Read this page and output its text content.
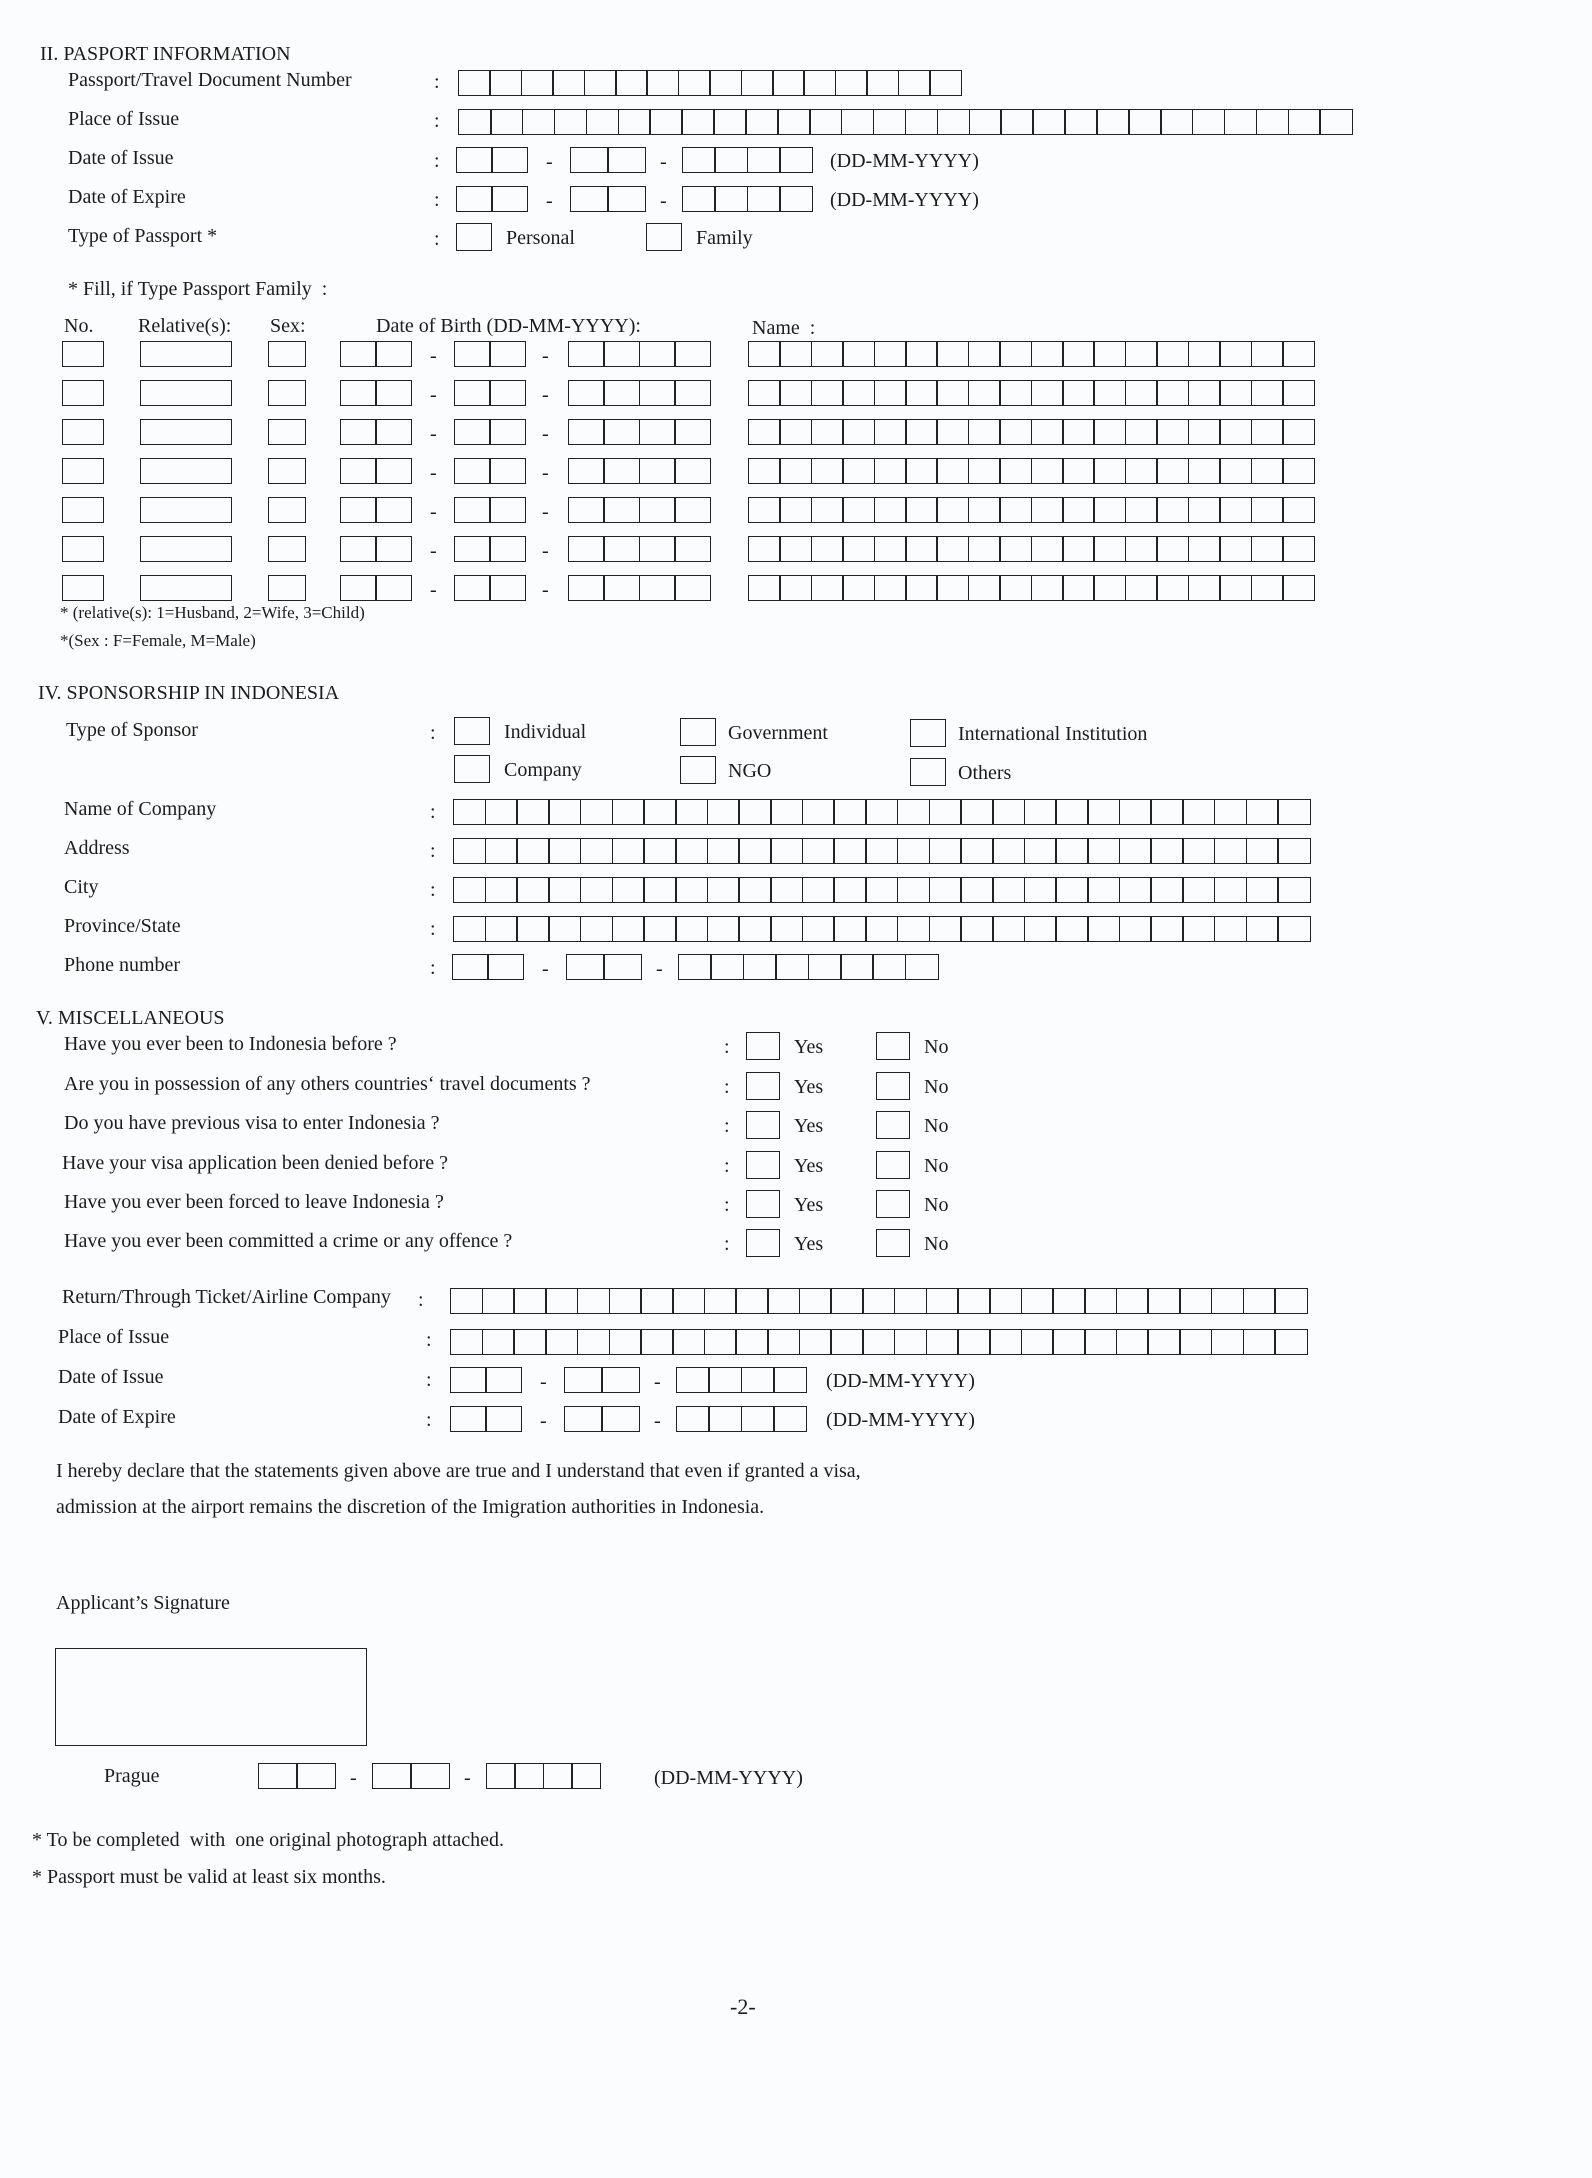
II. PASPORT INFORMATION
Passport/Travel Document Number	:
Place of Issue	:
Date of Issue	:	-	-	(DD-MM-YYYY)
Date of Expire	:	-	-	(DD-MM-YYYY)
Type of Passport *	:	Personal	Family
* Fill, if Type Passport Family  :
No. Relative(s): Sex:	Date of Birth (DD-MM-YYYY):	Name  :
-	-
-	-
-	-
-	-
-	-
-	-
-	-
* (relative(s): 1=Husband, 2=Wife, 3=Child)
*(Sex : F=Female, M=Male)
IV. SPONSORSHIP IN INDONESIA
Type of Sponsor	:	Individual	Government	International Institution
Company	NGO	Others
Name of Company	:
Address	:
City	:
Province/State	:
Phone number	:	-	-
V. MISCELLANEOUS
Have you ever been to Indonesia before ?	:	Yes	No
Are you in possession of any others countries‘ travel documents ?	:	Yes	No
Do you have previous visa to enter Indonesia ?	:	Yes	No
Have your visa application been denied before ?	:	Yes	No
Have you ever been forced to leave Indonesia ?	:	Yes	No
Have you ever been committed a crime or any offence ?	:	Yes	No
Return/Through Ticket/Airline Company :
Place of Issue	:
Date of Issue	:	-	-	(DD-MM-YYYY)
Date of Expire	:	-	-	(DD-MM-YYYY)
I hereby declare that the statements given above are true and I understand that even if granted a visa,
admission at the airport remains the discretion of the Imigration authorities in Indonesia.
Applicant’s Signature
Prague	-	-	(DD-MM-YYYY)
* To be completed  with  one original photograph attached.
* Passport must be valid at least six months.
-2-
